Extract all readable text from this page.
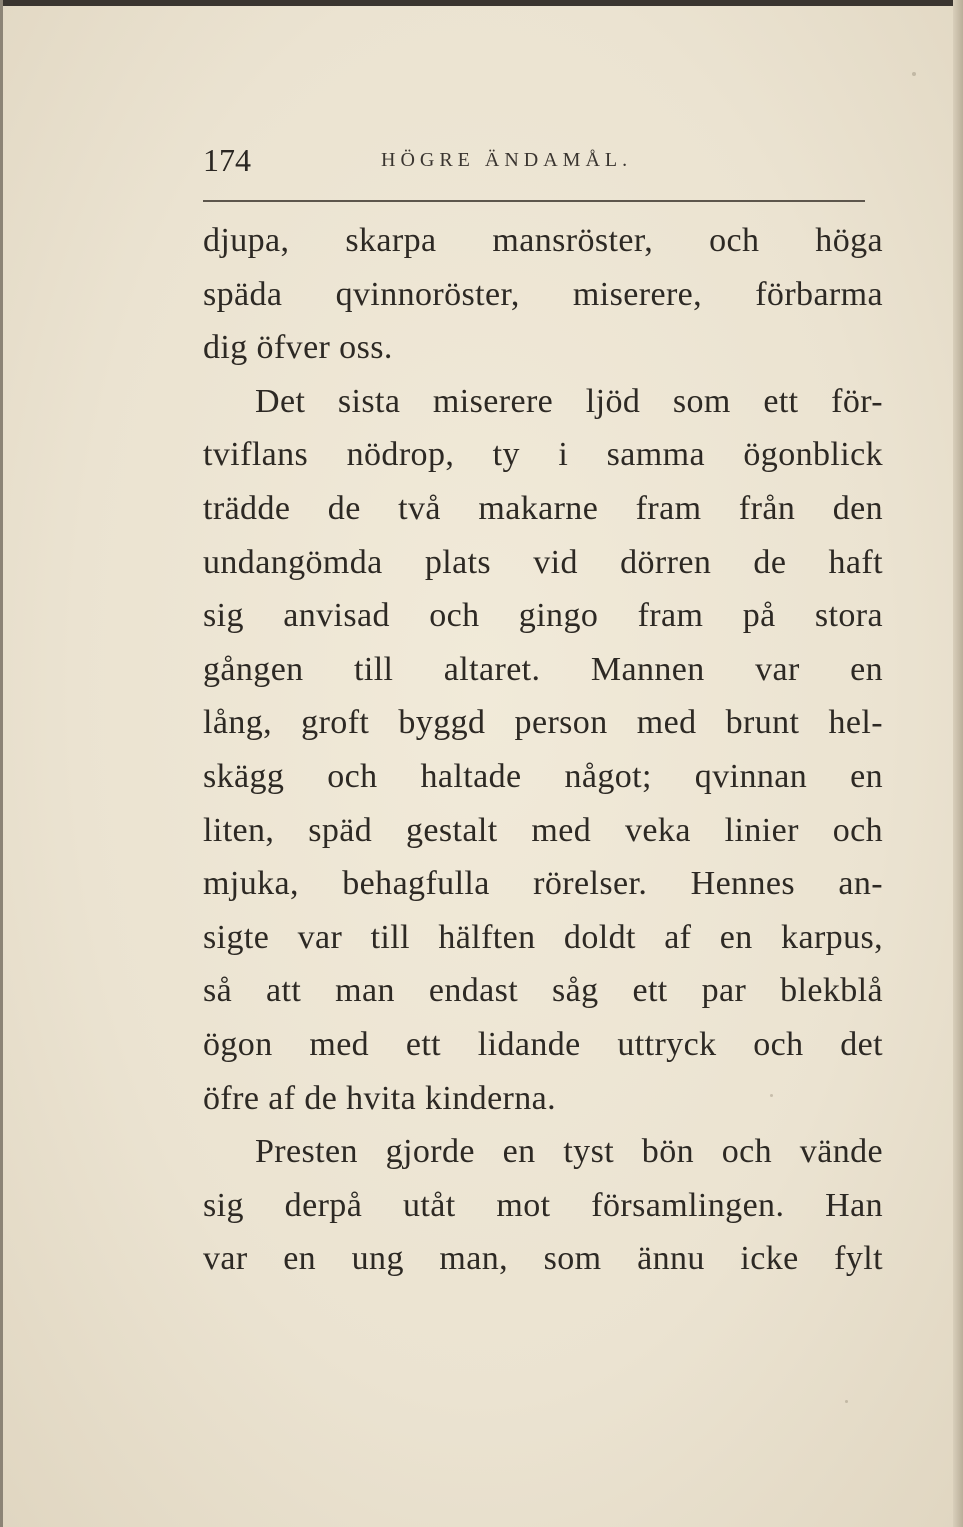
174	HÖGRE ÄNDAMÅL.
djupa, skarpa mansröster, och höga
späda qvinnoröster, miserere, förbarma
dig öfver oss.
Det sista miserere ljöd som ett för-
tviflans nödrop, ty i samma ögonblick
trädde de två makarne fram från den
undangömda plats vid dörren de haft
sig anvisad och gingo fram på stora
gången till altaret. Mannen var en
lång, groft byggd person med brunt hel-
skägg och haltade något; qvinnan en
liten, späd gestalt med veka linier och
mjuka, behagfulla rörelser. Hennes an-
sigte var till hälften doldt af en karpus,
så att man endast såg ett par blekblå
ögon med ett lidande uttryck och det
öfre af de hvita kinderna.
Presten gjorde en tyst bön och vände
sig derpå utåt mot församlingen. Han
var en ung man, som ännu icke fylt
